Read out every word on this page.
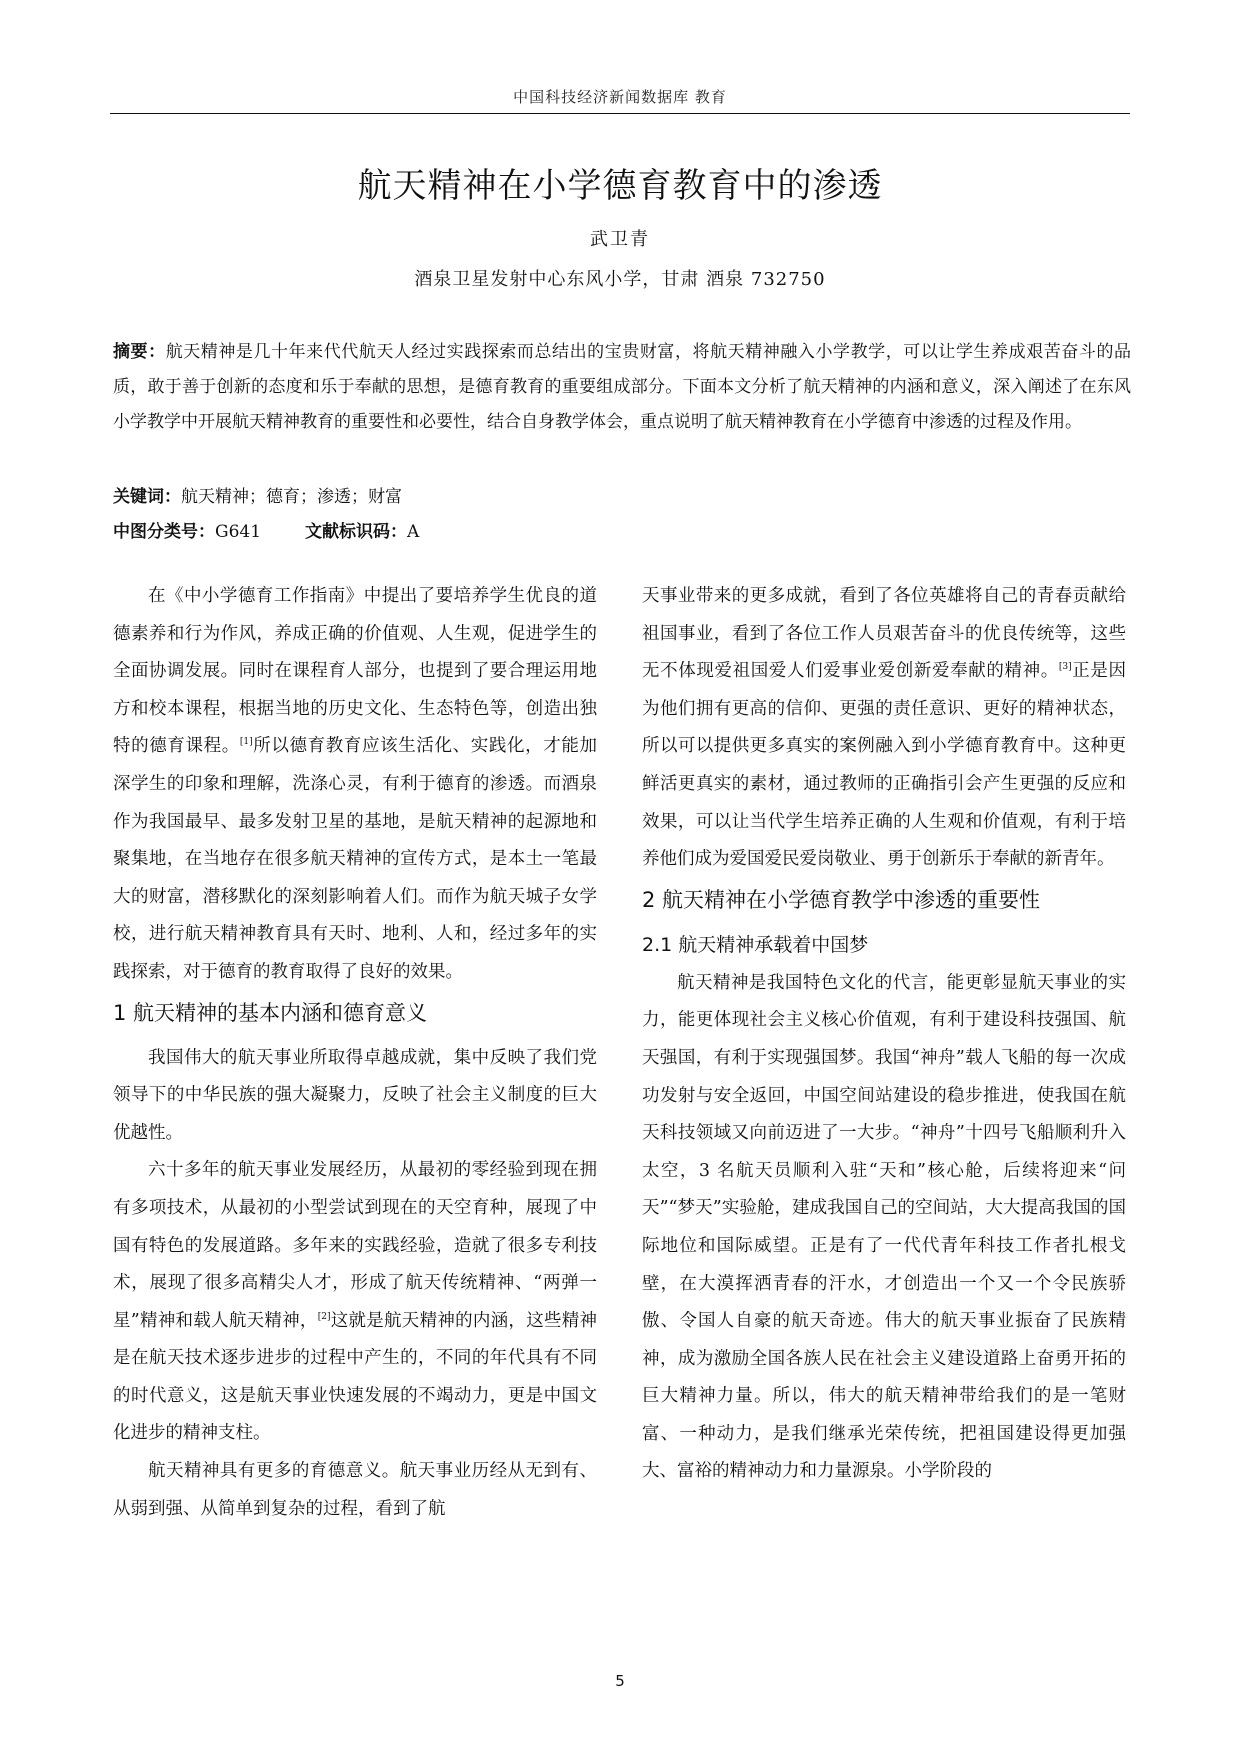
中国科技经济新闻数据库 教育
航天精神在小学德育教育中的渗透
武卫青
酒泉卫星发射中心东风小学，甘肃 酒泉 732750
摘要：航天精神是几十年来代代航天人经过实践探索而总结出的宝贵财富，将航天精神融入小学教学，可以让学生养成艰苦奋斗的品质，敢于善于创新的态度和乐于奉献的思想，是德育教育的重要组成部分。下面本文分析了航天精神的内涵和意义，深入阐述了在东风小学教学中开展航天精神教育的重要性和必要性，结合自身教学体会，重点说明了航天精神教育在小学德育中渗透的过程及作用。
关键词：航天精神；德育；渗透；财富
中图分类号：G641	文献标识码：A

在《中小学德育工作指南》中提出了要培养学生优良的道德素养和行为作风，养成正确的价值观、人生观，促进学生的全面协调发展。同时在课程育人部分，也提到了要合理运用地方和校本课程，根据当地的历史文化、生态特色等，创造出独特的德育课程。[1]所以德育教育应该生活化、实践化，才能加深学生的印象和理解，洗涤心灵，有利于德育的渗透。而酒泉作为我国最早、最多发射卫星的基地，是航天精神的起源地和聚集地，在当地存在很多航天精神的宣传方式，是本土一笔最大的财富，潜移默化的深刻影响着人们。而作为航天城子女学校，进行航天精神教育具有天时、地利、人和，经过多年的实践探索，对于德育的教育取得了良好的效果。

1 航天精神的基本内涵和德育意义

我国伟大的航天事业所取得卓越成就，集中反映了我们党领导下的中华民族的强大凝聚力，反映了社会主义制度的巨大优越性。

六十多年的航天事业发展经历，从最初的零经验到现在拥有多项技术，从最初的小型尝试到现在的天空育种，展现了中国有特色的发展道路。多年来的实践经验，造就了很多专利技术，展现了很多高精尖人才，形成了航天传统精神、“两弹一星”精神和载人航天精神，[2]这就是航天精神的内涵，这些精神是在航天技术逐步进步的过程中产生的，不同的年代具有不同的时代意义，这是航天事业快速发展的不竭动力，更是中国文化进步的精神支柱。

航天精神具有更多的育德意义。航天事业历经从无到有、从弱到强、从简单到复杂的过程，看到了航

天事业带来的更多成就，看到了各位英雄将自己的青春贡献给祖国事业，看到了各位工作人员艰苦奋斗的优良传统等，这些无不体现爱祖国爱人们爱事业爱创新爱奉献的精神。[3]正是因为他们拥有更高的信仰、更强的责任意识、更好的精神状态，所以可以提供更多真实的案例融入到小学德育教育中。这种更鲜活更真实的素材，通过教师的正确指引会产生更强的反应和效果，可以让当代学生培养正确的人生观和价值观，有利于培养他们成为爱国爱民爱岗敬业、勇于创新乐于奉献的新青年。

2 航天精神在小学德育教学中渗透的重要性
2.1 航天精神承载着中国梦

航天精神是我国特色文化的代言，能更彰显航天事业的实力，能更体现社会主义核心价值观，有利于建设科技强国、航天强国，有利于实现强国梦。我国“神舟”载人飞船的每一次成功发射与安全返回，中国空间站建设的稳步推进，使我国在航天科技领域又向前迈进了一大步。“神舟”十四号飞船顺利升入太空，3 名航天员顺利入驻“天和”核心舱，后续将迎来“问天”“梦天”实验舱，建成我国自己的空间站，大大提高我国的国际地位和国际威望。正是有了一代代青年科技工作者扎根戈壁，在大漠挥洒青春的汗水，才创造出一个又一个令民族骄傲、令国人自豪的航天奇迹。伟大的航天事业振奋了民族精神，成为激励全国各族人民在社会主义建设道路上奋勇开拓的巨大精神力量。所以，伟大的航天精神带给我们的是一笔财富、一种动力，是我们继承光荣传统，把祖国建设得更加强大、富裕的精神动力和力量源泉。小学阶段的

5
